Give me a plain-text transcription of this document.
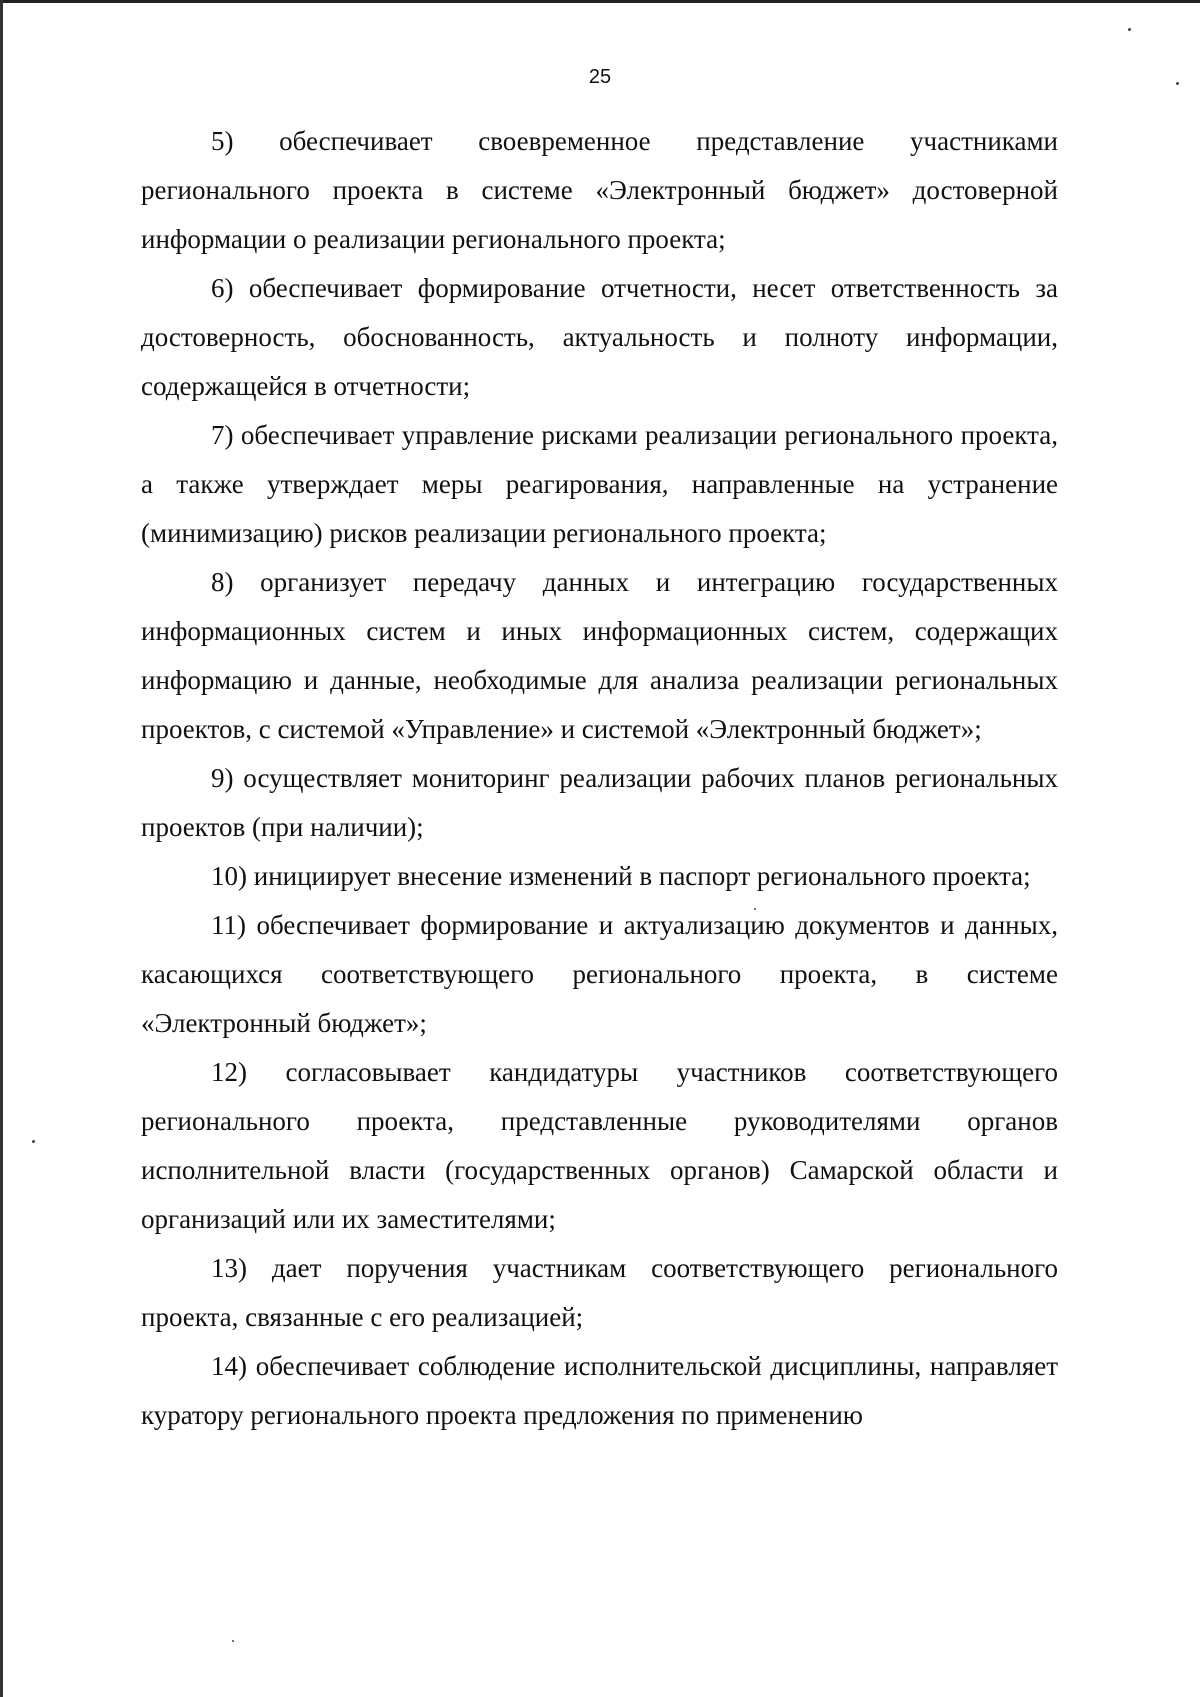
25

5) обеспечивает своевременное представление участниками регионального проекта в системе «Электронный бюджет» достоверной информации о реализации регионального проекта;

6) обеспечивает формирование отчетности, несет ответственность за достоверность, обоснованность, актуальность и полноту информации, содержащейся в отчетности;

7) обеспечивает управление рисками реализации регионального проекта, а также утверждает меры реагирования, направленные на устранение (минимизацию) рисков реализации регионального проекта;

8) организует передачу данных и интеграцию государственных информационных систем и иных информационных систем, содержащих информацию и данные, необходимые для анализа реализации региональных проектов, с системой «Управление» и системой «Электронный бюджет»;

9) осуществляет мониторинг реализации рабочих планов региональных проектов (при наличии);

10) инициирует внесение изменений в паспорт регионального проекта;

11) обеспечивает формирование и актуализацию документов и данных, касающихся соответствующего регионального проекта, в системе «Электронный бюджет»;

12) согласовывает кандидатуры участников соответствующего регионального проекта, представленные руководителями органов исполнительной власти (государственных органов) Самарской области и организаций или их заместителями;

13) дает поручения участникам соответствующего регионального проекта, связанные с его реализацией;

14) обеспечивает соблюдение исполнительской дисциплины, направляет куратору регионального проекта предложения по применению
